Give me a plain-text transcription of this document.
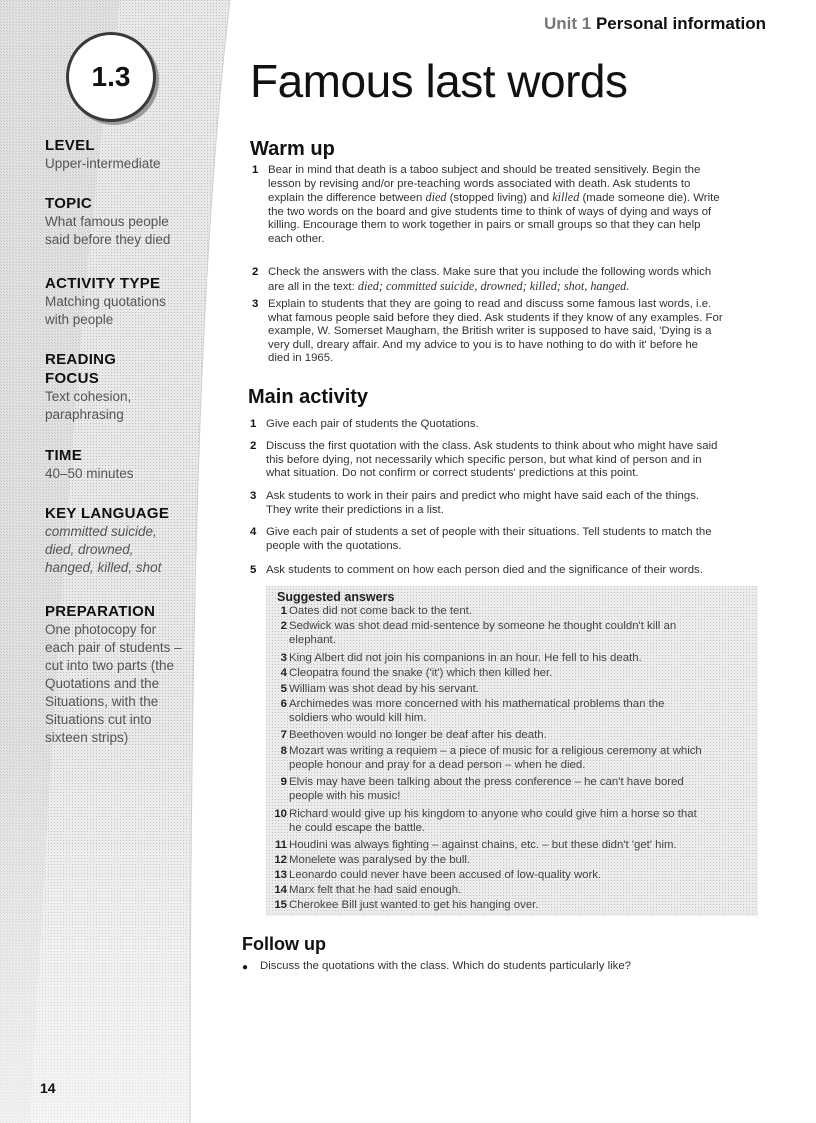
1.3
LEVEL
Upper-intermediate
TOPIC
What famous people
said before they died
ACTIVITY TYPE
Matching quotations
with people
READING
FOCUS
Text cohesion,
paraphrasing
TIME
40–50 minutes
KEY LANGUAGE
committed suicide,
died, drowned,
hanged, killed, shot
PREPARATION
One photocopy for
each pair of students –
cut into two parts (the
Quotations and the
Situations, with the
Situations cut into
sixteen strips)
14
Unit 1 Personal information
Famous last words
Warm up
1 Bear in mind that death is a taboo subject and should be treated sensitively. Begin the
lesson by revising and/or pre-teaching words associated with death. Ask students to
explain the difference between died (stopped living) and killed (made someone die). Write
the two words on the board and give students time to think of ways of dying and ways of
killing. Encourage them to work together in pairs or small groups so that they can help
each other.
2 Check the answers with the class. Make sure that you include the following words which
are all in the text: died; committed suicide, drowned; killed; shot, hanged.
3 Explain to students that they are going to read and discuss some famous last words, i.e.
what famous people said before they died. Ask students if they know of any examples. For
example, W. Somerset Maugham, the British writer is supposed to have said, 'Dying is a
very dull, dreary affair. And my advice to you is to have nothing to do with it' before he
died in 1965.
Main activity
1 Give each pair of students the Quotations.
2 Discuss the first quotation with the class. Ask students to think about who might have said
this before dying, not necessarily which specific person, but what kind of person and in
what situation. Do not confirm or correct students' predictions at this point.
3 Ask students to work in their pairs and predict who might have said each of the things.
They write their predictions in a list.
4 Give each pair of students a set of people with their situations. Tell students to match the
people with the quotations.
5 Ask students to comment on how each person died and the significance of their words.
Suggested answers
1 Oates did not come back to the tent.
2 Sedwick was shot dead mid-sentence by someone he thought couldn't kill an
elephant.
3 King Albert did not join his companions in an hour. He fell to his death.
4 Cleopatra found the snake ('it') which then killed her.
5 William was shot dead by his servant.
6 Archimedes was more concerned with his mathematical problems than the
soldiers who would kill him.
7 Beethoven would no longer be deaf after his death.
8 Mozart was writing a requiem – a piece of music for a religious ceremony at which
people honour and pray for a dead person – when he died.
9 Elvis may have been talking about the press conference – he can't have bored
people with his music!
10 Richard would give up his kingdom to anyone who could give him a horse so that
he could escape the battle.
11 Houdini was always fighting – against chains, etc. – but these didn't 'get' him.
12 Monelete was paralysed by the bull.
13 Leonardo could never have been accused of low-quality work.
14 Marx felt that he had said enough.
15 Cherokee Bill just wanted to get his hanging over.
Follow up
● Discuss the quotations with the class. Which do students particularly like?
